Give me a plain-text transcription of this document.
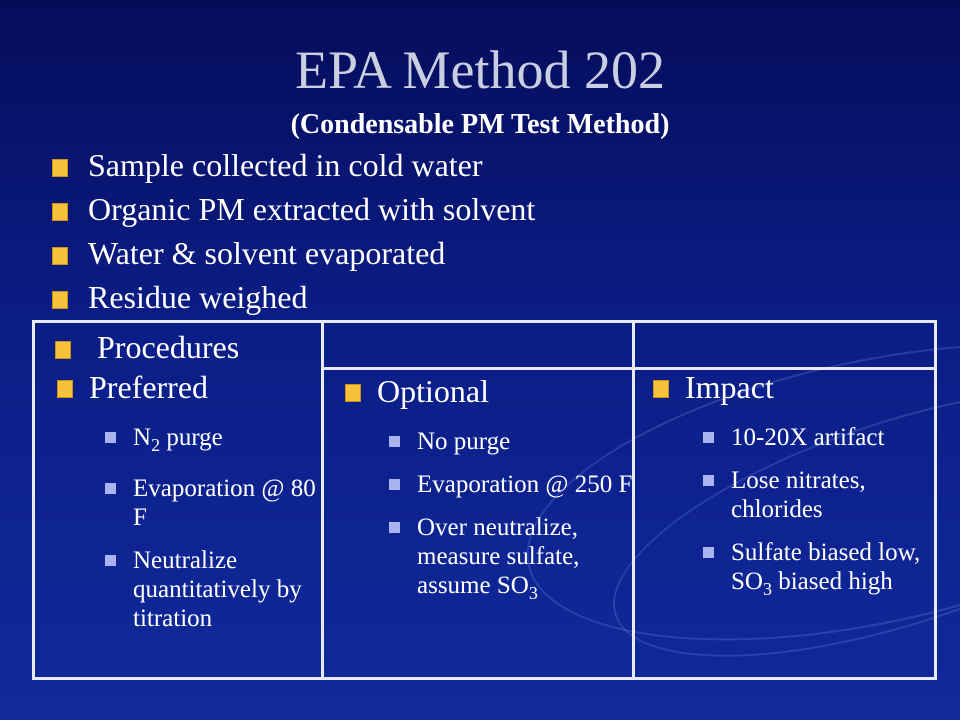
EPA Method 202
(Condensable PM Test Method)
Sample collected in cold water
Organic PM extracted with solvent
Water & solvent evaporated
Residue weighed
Procedures
Preferred
$N_2$ purge
Evaporation @ 80 F
Neutralize quantitatively by titration
Optional
No purge
Evaporation @ 250 F
Over neutralize, measure sulfate, assume $SO_3$
Impact
10-20X artifact
Lose nitrates, chlorides
Sulfate biased low, $SO_3$ biased high
